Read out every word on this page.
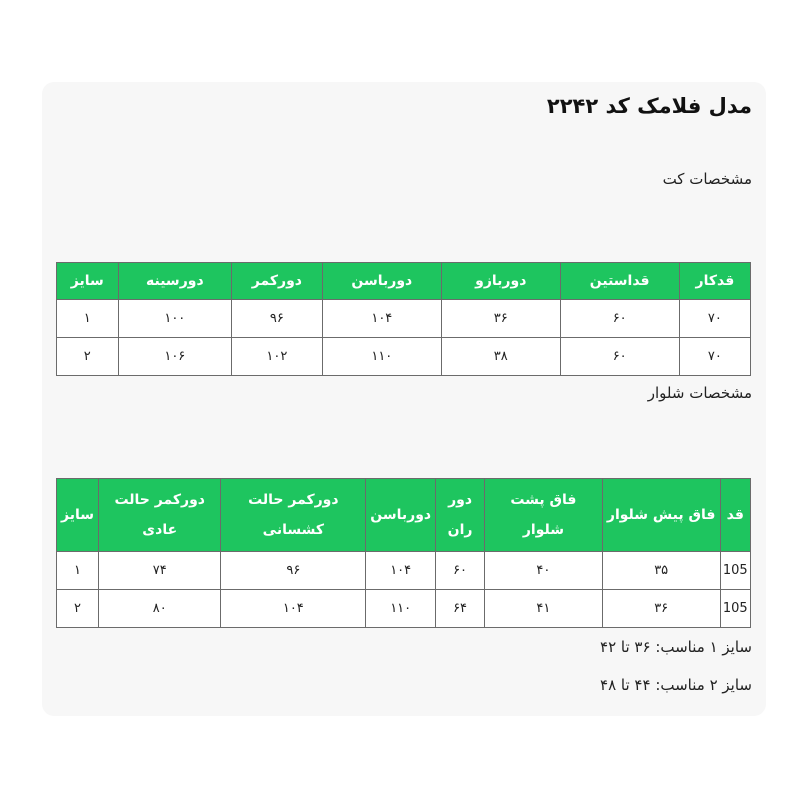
مدل فلامک کد ۲۲۴۲

مشخصات کت

قدکار	قداستین	دوربازو	دورباسن	دورکمر	دورسینه	سایز
۷۰	۶۰	۳۶	۱۰۴	۹۶	۱۰۰	۱
۷۰	۶۰	۳۸	۱۱۰	۱۰۲	۱۰۶	۲

مشخصات شلوار

قد	فاق پیش شلوار	فاق پشت شلوار	دور ران	دورباسن	دورکمر حالت کشسانی	دورکمر حالت عادی	سایز
105	۳۵	۴۰	۶۰	۱۰۴	۹۶	۷۴	۱
105	۳۶	۴۱	۶۴	۱۱۰	۱۰۴	۸۰	۲

سایز ۱ مناسب: ۳۶ تا ۴۲

سایز ۲ مناسب: ۴۴ تا ۴۸
